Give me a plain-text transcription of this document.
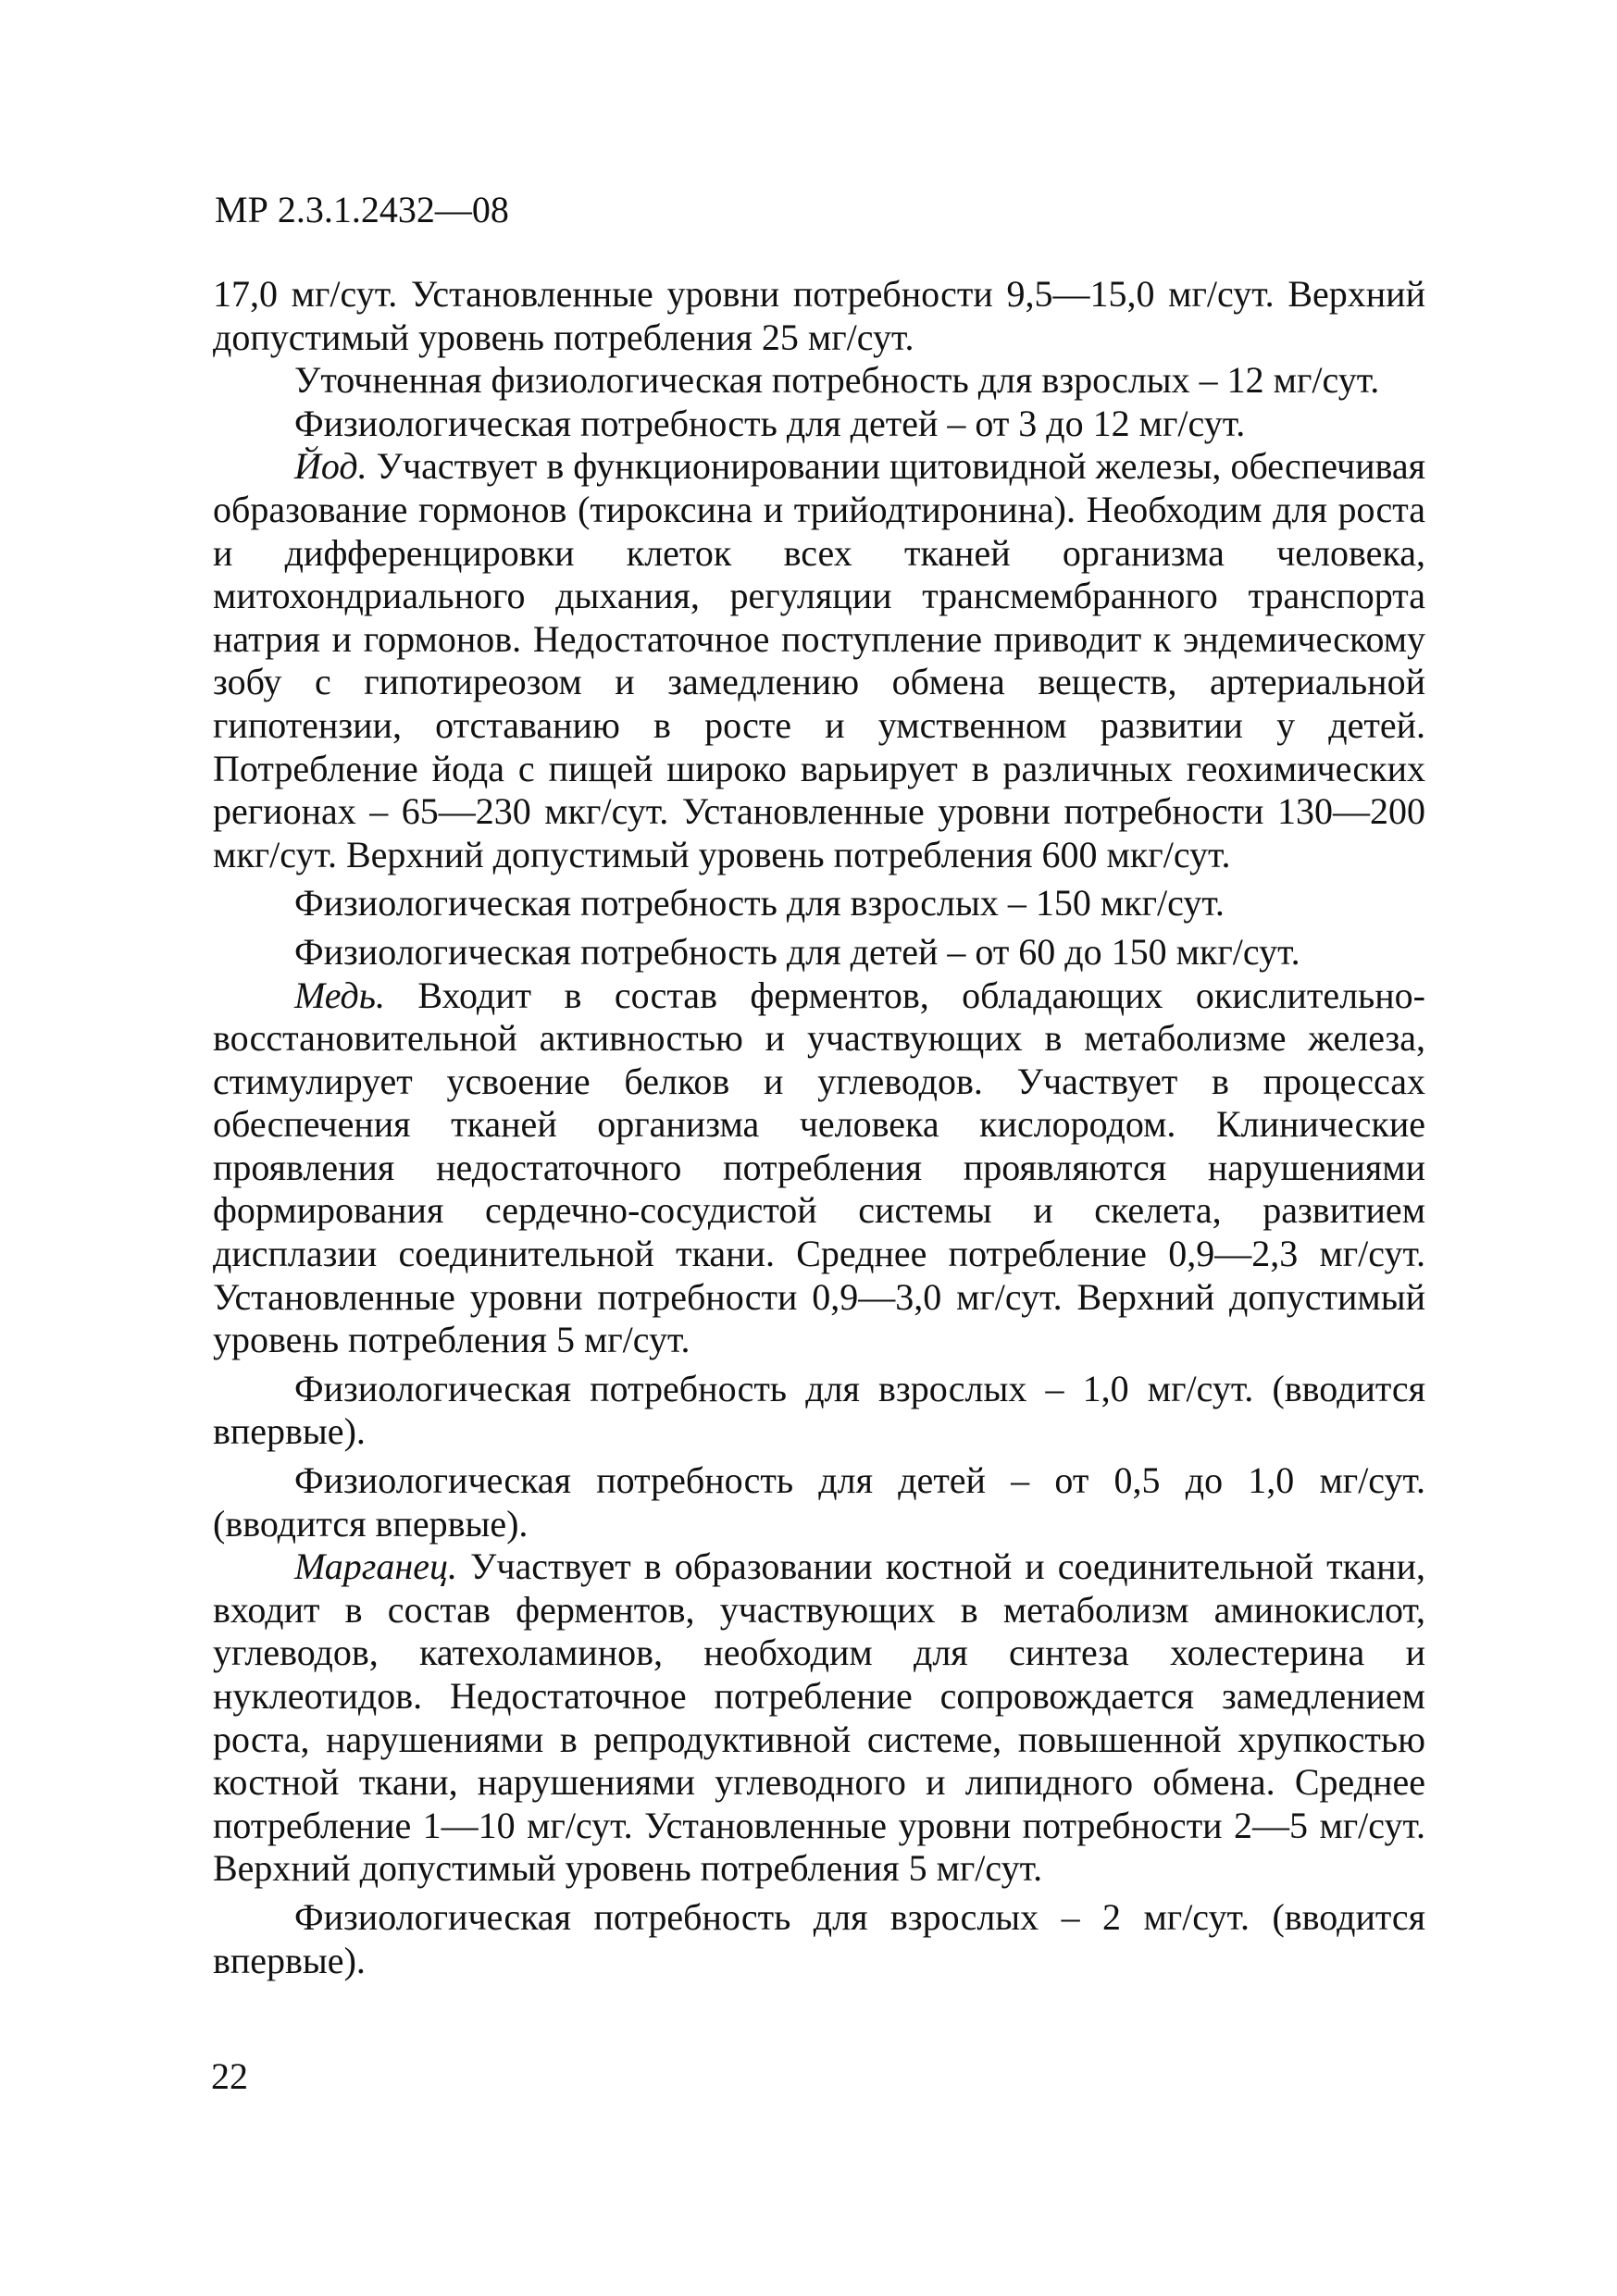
МР 2.3.1.2432—08

17,0 мг/сут. Установленные уровни потребности 9,5—15,0 мг/сут. Верхний допустимый уровень потребления 25 мг/сут.

Уточненная физиологическая потребность для взрослых – 12 мг/сут.

Физиологическая потребность для детей – от 3 до 12 мг/сут.

Йод. Участвует в функционировании щитовидной железы, обеспечивая образование гормонов (тироксина и трийодтиронина). Необходим для роста и дифференцировки клеток всех тканей организма человека, митохондриального дыхания, регуляции трансмембранного транспорта натрия и гормонов. Недостаточное поступление приводит к эндемическому зобу с гипотиреозом и замедлению обмена веществ, артериальной гипотензии, отставанию в росте и умственном развитии у детей. Потребление йода с пищей широко варьирует в различных геохимических регионах – 65—230 мкг/сут. Установленные уровни потребности 130—200 мкг/сут. Верхний допустимый уровень потребления 600 мкг/сут.

Физиологическая потребность для взрослых – 150 мкг/сут.

Физиологическая потребность для детей – от 60 до 150 мкг/сут.

Медь. Входит в состав ферментов, обладающих окислительно-восстановительной активностью и участвующих в метаболизме железа, стимулирует усвоение белков и углеводов. Участвует в процессах обеспечения тканей организма человека кислородом. Клинические проявления недостаточного потребления проявляются нарушениями формирования сердечно-сосудистой системы и скелета, развитием дисплазии соединительной ткани. Среднее потребление 0,9—2,3 мг/сут. Установленные уровни потребности 0,9—3,0 мг/сут. Верхний допустимый уровень потребления 5 мг/сут.

Физиологическая потребность для взрослых – 1,0 мг/сут. (вводится впервые).

Физиологическая потребность для детей – от 0,5 до 1,0 мг/сут. (вводится впервые).

Марганец. Участвует в образовании костной и соединительной ткани, входит в состав ферментов, участвующих в метаболизм аминокислот, углеводов, катехоламинов, необходим для синтеза холестерина и нуклеотидов. Недостаточное потребление сопровождается замедлением роста, нарушениями в репродуктивной системе, повышенной хрупкостью костной ткани, нарушениями углеводного и липидного обмена. Среднее потребление 1—10 мг/сут. Установленные уровни потребности 2—5 мг/сут. Верхний допустимый уровень потребления 5 мг/сут.

Физиологическая потребность для взрослых – 2 мг/сут. (вводится впервые).

22
